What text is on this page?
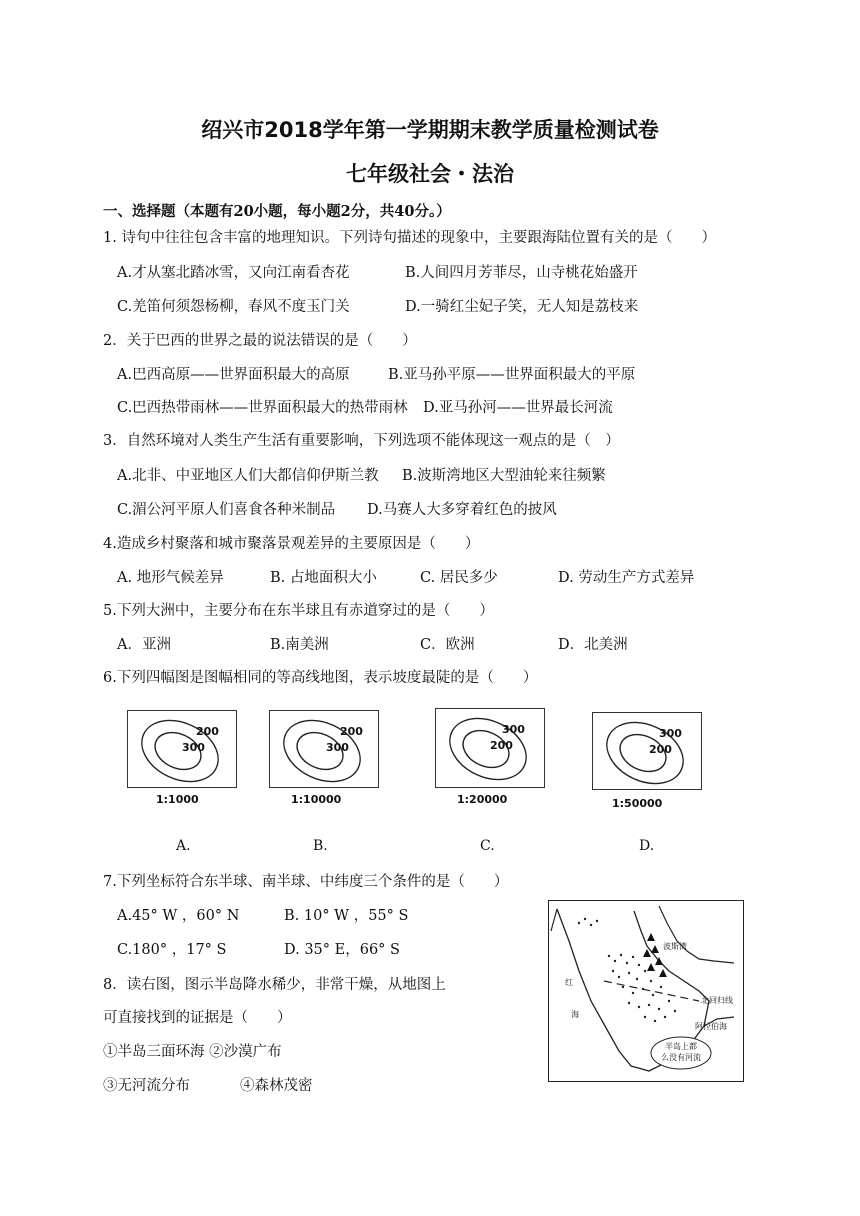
绍兴市2018学年第一学期期末教学质量检测试卷
七年级社会・法治
一、选择题（本题有20小题，每小题2分，共40分。）
1. 诗句中往往包含丰富的地理知识。下列诗句描述的现象中，主要跟海陆位置有关的是（　　）
A.才从塞北踏冰雪，又向江南看杏花	B.人间四月芳菲尽，山寺桃花始盛开
C.羌笛何须怨杨柳，春风不度玉门关	D.一骑红尘妃子笑，无人知是荔枝来
2．关于巴西的世界之最的说法错误的是（　　）
A.巴西高原——世界面积最大的高原	B.亚马孙平原——世界面积最大的平原
C.巴西热带雨林——世界面积最大的热带雨林 D.亚马孙河——世界最长河流
3．自然环境对人类生产生活有重要影响，下列选项不能体现这一观点的是（　）
A.北非、中亚地区人们大都信仰伊斯兰教 B.波斯湾地区大型油轮来往频繁
C.湄公河平原人们喜食各种米制品 D.马赛人大多穿着红色的披风
4.造成乡村聚落和城市聚落景观差异的主要原因是（　　）
A. 地形气候差异	B. 占地面积大小	C. 居民多少	D. 劳动生产方式差异
5.下列大洲中，主要分布在东半球且有赤道穿过的是（　　）
A．亚洲	B.南美洲	C．欧洲	D．北美洲
6.下列四幅图是图幅相同的等高线地图，表示坡度最陡的是（　　）
200
300
1:1000
200
300
1:10000
300
200
1:20000
300
200
1:50000
A.	B.	C.	D.
7.下列坐标符合东半球、南半球、中纬度三个条件的是（　　）
A.45° W ，60° N	B. 10° W ，55° S
C.180° ，17° S	D. 35° E，66° S
8．读右图，图示半岛降水稀少，非常干燥，从地图上
可直接找到的证据是（　　）
①半岛三面环海 ②沙漠广布
③无河流分布	④森林茂密
波斯湾
红
海
北回归线
阿拉伯海
半岛上都
么没有河流
